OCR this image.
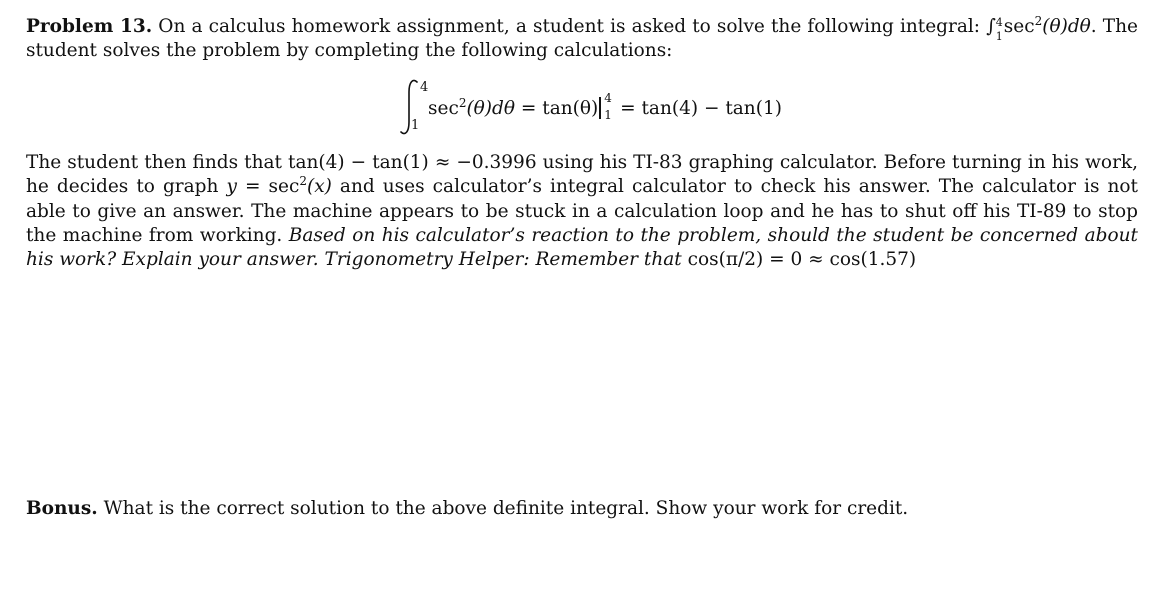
Problem 13. On a calculus homework assignment, a student is asked to solve the following integral: ∫ 4
1 $\sec^2(\theta)d\theta$. The student solves the problem by completing the following calculations:
4
1
$\sec^2(\theta)d\theta = \tan(\theta)$ 4
1 = tan(4) − tan(1)
The student then finds that tan(4) − tan(1) ≈ −0.3996 using his TI-83 graphing calculator. Before turning in his work, he decides to graph $y = \sec^2(x)$ and uses calculator’s integral calculator to check his answer. The calculator is not able to give an answer. The machine appears to be stuck in a calculation loop and he has to shut off his TI-89 to stop the machine from working. Based on his calculator’s reaction to the problem, should the student be concerned about his work? Explain your answer. Trigonometry Helper: Remember that cos(π/2) = 0 ≈ cos(1.57)
Bonus. What is the correct solution to the above definite integral. Show your work for credit.
